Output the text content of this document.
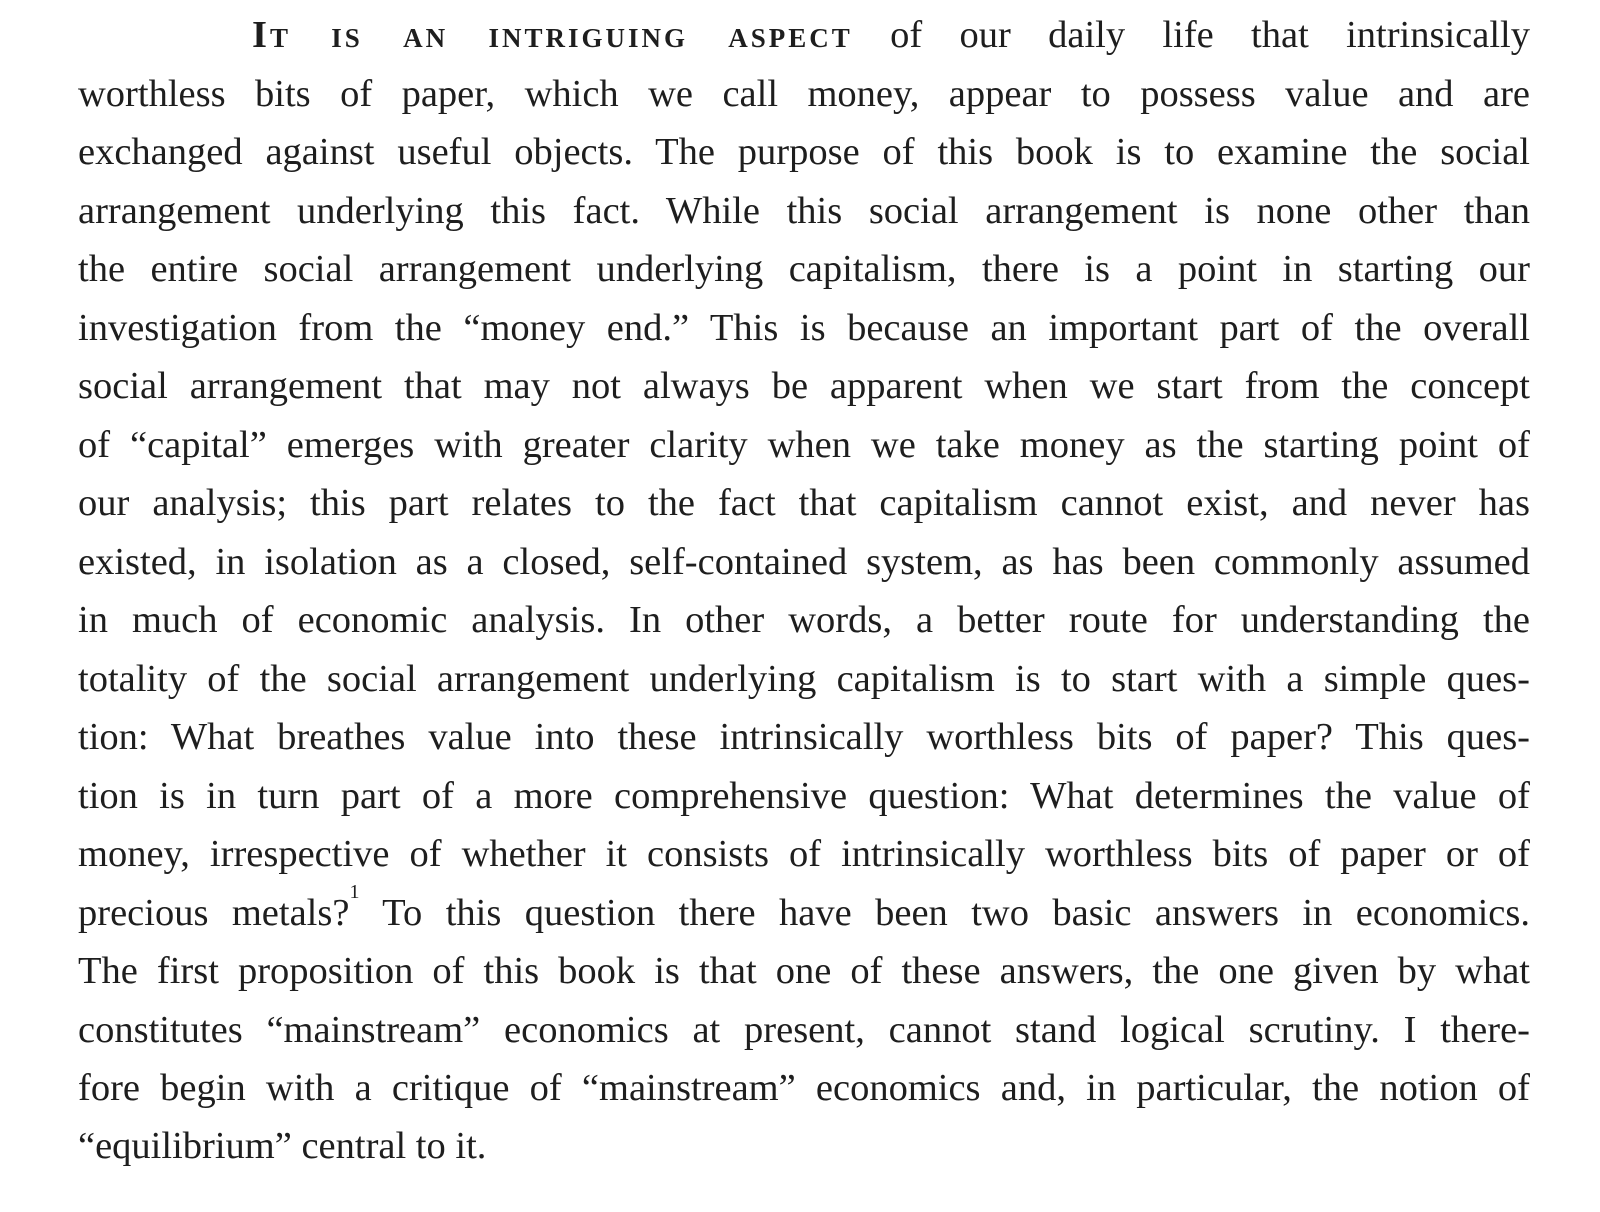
It is an intriguing aspect of our daily life that intrinsically
worthless bits of paper, which we call money, appear to possess value and are
exchanged against useful objects. The purpose of this book is to examine the social
arrangement underlying this fact. While this social arrangement is none other than
the entire social arrangement underlying capitalism, there is a point in starting our
investigation from the “money end.” This is because an important part of the overall
social arrangement that may not always be apparent when we start from the concept
of “capital” emerges with greater clarity when we take money as the starting point of
our analysis; this part relates to the fact that capitalism cannot exist, and never has
existed, in isolation as a closed, self-contained system, as has been commonly assumed
in much of economic analysis. In other words, a better route for understanding the
totality of the social arrangement underlying capitalism is to start with a simple ques-
tion: What breathes value into these intrinsically worthless bits of paper? This ques-
tion is in turn part of a more comprehensive question: What determines the value of
money, irrespective of whether it consists of intrinsically worthless bits of paper or of
precious metals?$^1$ To this question there have been two basic answers in economics.
The first proposition of this book is that one of these answers, the one given by what
constitutes “mainstream” economics at present, cannot stand logical scrutiny. I there-
fore begin with a critique of “mainstream” economics and, in particular, the notion of
“equilibrium” central to it.
